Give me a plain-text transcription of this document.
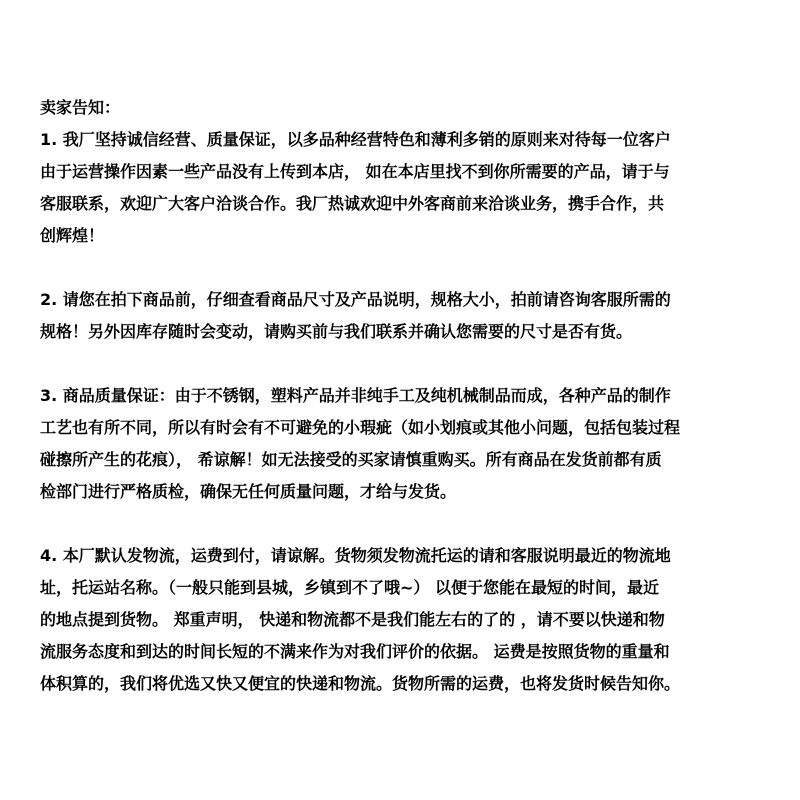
卖家告知：

1. 我厂坚持诚信经营、质量保证，以多品种经营特色和薄利多销的原则来对待每一位客户
由于运营操作因素一些产品没有上传到本店， 如在本店里找不到你所需要的产品，请于与
客服联系，欢迎广大客户洽谈合作。我厂热诚欢迎中外客商前来洽谈业务，携手合作，共
创辉煌！
2. 请您在拍下商品前，仔细查看商品尺寸及产品说明，规格大小，拍前请咨询客服所需的
规格！另外因库存随时会变动，请购买前与我们联系并确认您需要的尺寸是否有货。
3. 商品质量保证：由于不锈钢，塑料产品并非纯手工及纯机械制品而成，各种产品的制作
工艺也有所不同，所以有时会有不可避免的小瑕疵（如小划痕或其他小问题，包括包装过程
碰擦所产生的花痕）， 希谅解！如无法接受的买家请慎重购买。所有商品在发货前都有质
检部门进行严格质检，确保无任何质量问题，才给与发货。
4. 本厂默认发物流，运费到付，请谅解。货物须发物流托运的请和客服说明最近的物流地
址，托运站名称。（一般只能到县城，乡镇到不了哦~） 以便于您能在最短的时间，最近
的地点提到货物。 郑重声明， 快递和物流都不是我们能左右的了的 ，请不要以快递和物
流服务态度和到达的时间长短的不满来作为对我们评价的依据。 运费是按照货物的重量和
体积算的，我们将优选又快又便宜的快递和物流。货物所需的运费，也将发货时候告知你。
